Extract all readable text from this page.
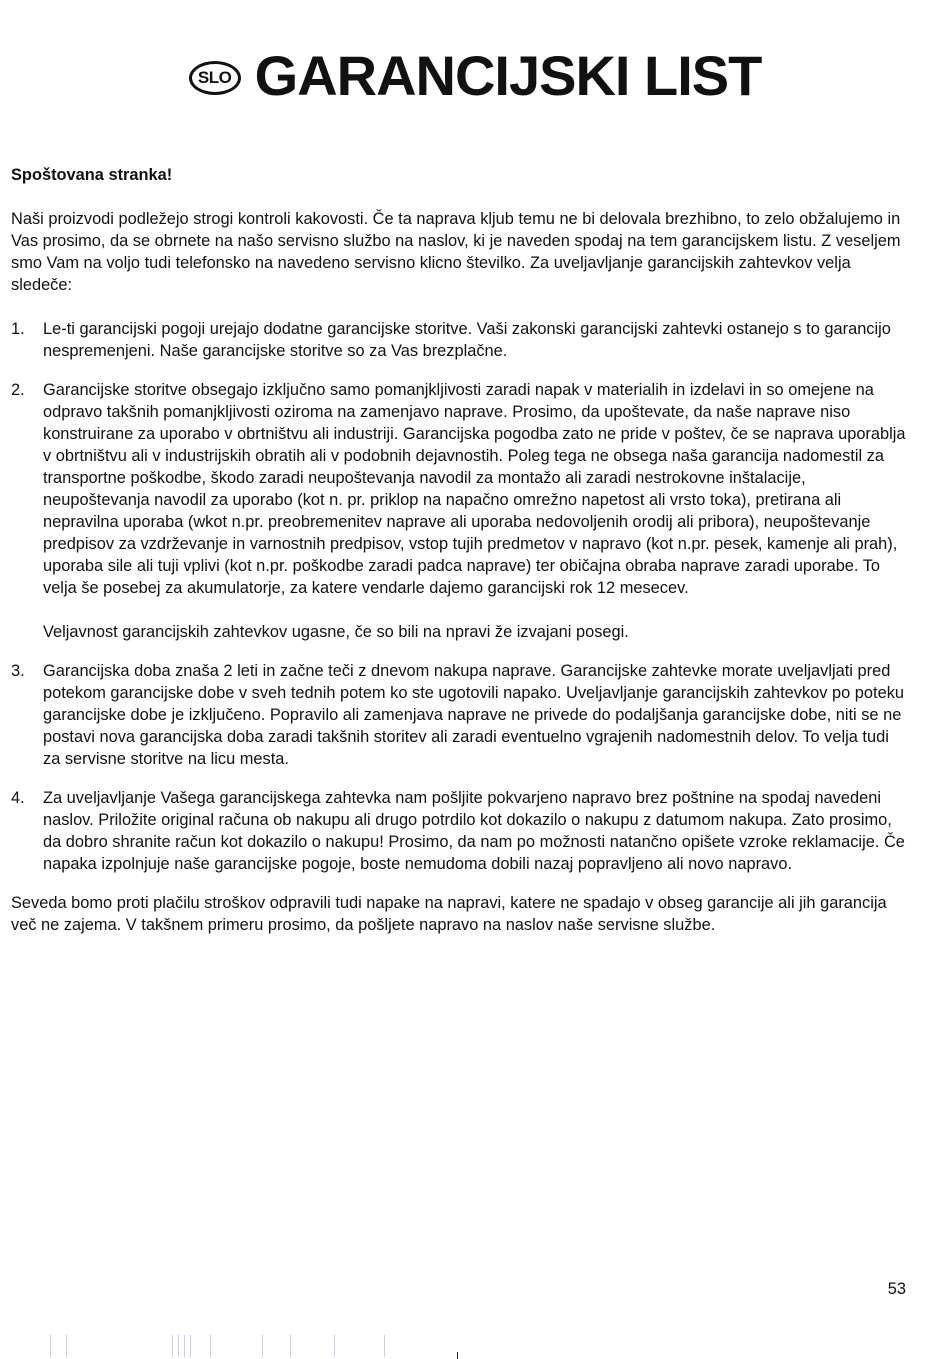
SLO GARANCIJSKI LIST

Spoštovana stranka!

Naši proizvodi podležejo strogi kontroli kakovosti. Če ta naprava kljub temu ne bi delovala brezhibno, to zelo obžalujemo in Vas prosimo, da se obrnete na našo servisno službo na naslov, ki je naveden spodaj na tem garancijskem listu. Z veseljem smo Vam na voljo tudi telefonsko na navedeno servisno klicno številko. Za uveljavljanje garancijskih zahtevkov velja sledeče:

1.	Le-ti garancijski pogoji urejajo dodatne garancijske storitve. Vaši zakonski garancijski zahtevki ostanejo s to garancijo nespremenjeni. Naše garancijske storitve so za Vas brezplačne.

2.	Garancijske storitve obsegajo izključno samo pomanjkljivosti zaradi napak v materialih in izdelavi in so omejene na odpravo takšnih pomanjkljivosti oziroma na zamenjavo naprave. Prosimo, da upoštevate, da naše naprave niso konstruirane za uporabo v obrtništvu ali industriji. Garancijska pogodba zato ne pride v poštev, če se naprava uporablja v obrtništvu ali v industrijskih obratih ali v podobnih dejavnostih. Poleg tega ne obsega naša garancija nadomestil za transportne poškodbe, škodo zaradi neupoštevanja navodil za montažo ali zaradi nestrokovne inštalacije, neupoštevanja navodil za uporabo (kot n. pr. priklop na napačno omrežno napetost ali vrsto toka), pretirana ali nepravilna uporaba (wkot n.pr. preobremenitev naprave ali uporaba nedovoljenih orodij ali pribora), neupoštevanje predpisov za vzdrževanje in varnostnih predpisov, vstop tujih predmetov v napravo (kot n.pr. pesek, kamenje ali prah), uporaba sile ali tuji vplivi (kot n.pr. poškodbe zaradi padca naprave) ter običajna obraba naprave zaradi uporabe. To velja še posebej za akumulatorje, za katere vendarle dajemo garancijski rok 12 mesecev.

Veljavnost garancijskih zahtevkov ugasne, če so bili na npravi že izvajani posegi.

3.	Garancijska doba znaša 2 leti in začne teči z dnevom nakupa naprave. Garancijske zahtevke morate uveljavljati pred potekom garancijske dobe v sveh tednih potem ko ste ugotovili napako. Uveljavljanje garancijskih zahtevkov po poteku garancijske dobe je izključeno. Popravilo ali zamenjava naprave ne privede do podaljšanja garancijske dobe, niti se ne postavi nova garancijska doba zaradi takšnih storitev ali zaradi eventuelno vgrajenih nadomestnih delov. To velja tudi za servisne storitve na licu mesta.

4.	Za uveljavljanje Vašega garancijskega zahtevka nam pošljite pokvarjeno napravo brez poštnine na spodaj navedeni naslov. Priložite original računa ob nakupu ali drugo potrdilo kot dokazilo o nakupu z datumom nakupa. Zato prosimo, da dobro shranite račun kot dokazilo o nakupu! Prosimo, da nam po možnosti natančno opišete vzroke reklamacije. Če napaka izpolnjuje naše garancijske pogoje, boste nemudoma dobili nazaj popravljeno ali novo napravo.

Seveda bomo proti plačilu stroškov odpravili tudi napake na napravi, katere ne spadajo v obseg garancije ali jih garancija več ne zajema. V takšnem primeru prosimo, da pošljete napravo na naslov naše servisne službe.

53
